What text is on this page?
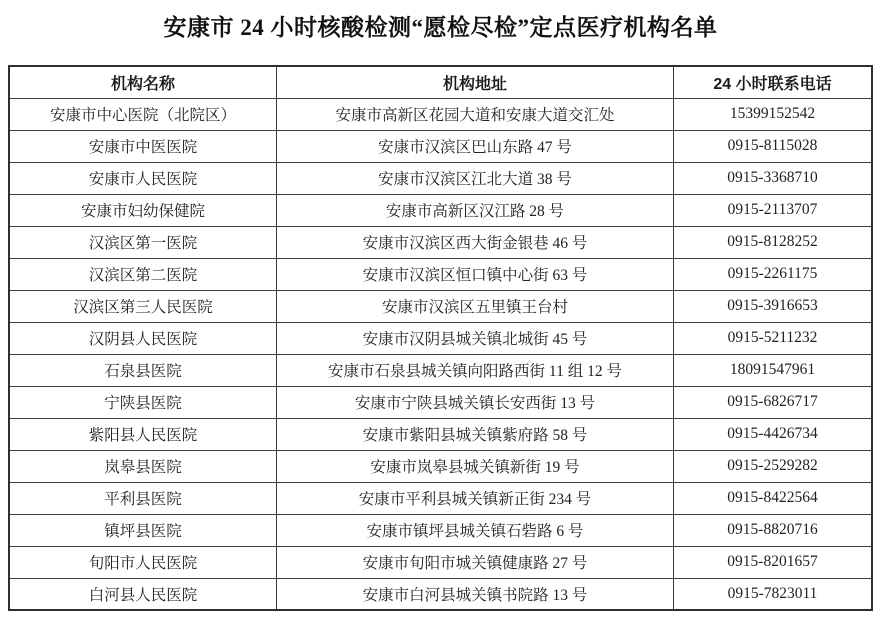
安康市 24 小时核酸检测“愿检尽检”定点医疗机构名单
机构名称	机构地址	24 小时联系电话
安康市中心医院（北院区）	安康市高新区花园大道和安康大道交汇处	15399152542
安康市中医医院	安康市汉滨区巴山东路 47 号	0915-8115028
安康市人民医院	安康市汉滨区江北大道 38 号	0915-3368710
安康市妇幼保健院	安康市高新区汉江路 28 号	0915-2113707
汉滨区第一医院	安康市汉滨区西大街金银巷 46 号	0915-8128252
汉滨区第二医院	安康市汉滨区恒口镇中心街 63 号	0915-2261175
汉滨区第三人民医院	安康市汉滨区五里镇王台村	0915-3916653
汉阴县人民医院	安康市汉阴县城关镇北城街 45 号	0915-5211232
石泉县医院	安康市石泉县城关镇向阳路西街 11 组 12 号	18091547961
宁陕县医院	安康市宁陕县城关镇长安西街 13 号	0915-6826717
紫阳县人民医院	安康市紫阳县城关镇紫府路 58 号	0915-4426734
岚皋县医院	安康市岚皋县城关镇新街 19 号	0915-2529282
平利县医院	安康市平利县城关镇新正街 234 号	0915-8422564
镇坪县医院	安康市镇坪县城关镇石砦路 6 号	0915-8820716
旬阳市人民医院	安康市旬阳市城关镇健康路 27 号	0915-8201657
白河县人民医院	安康市白河县城关镇书院路 13 号	0915-7823011
